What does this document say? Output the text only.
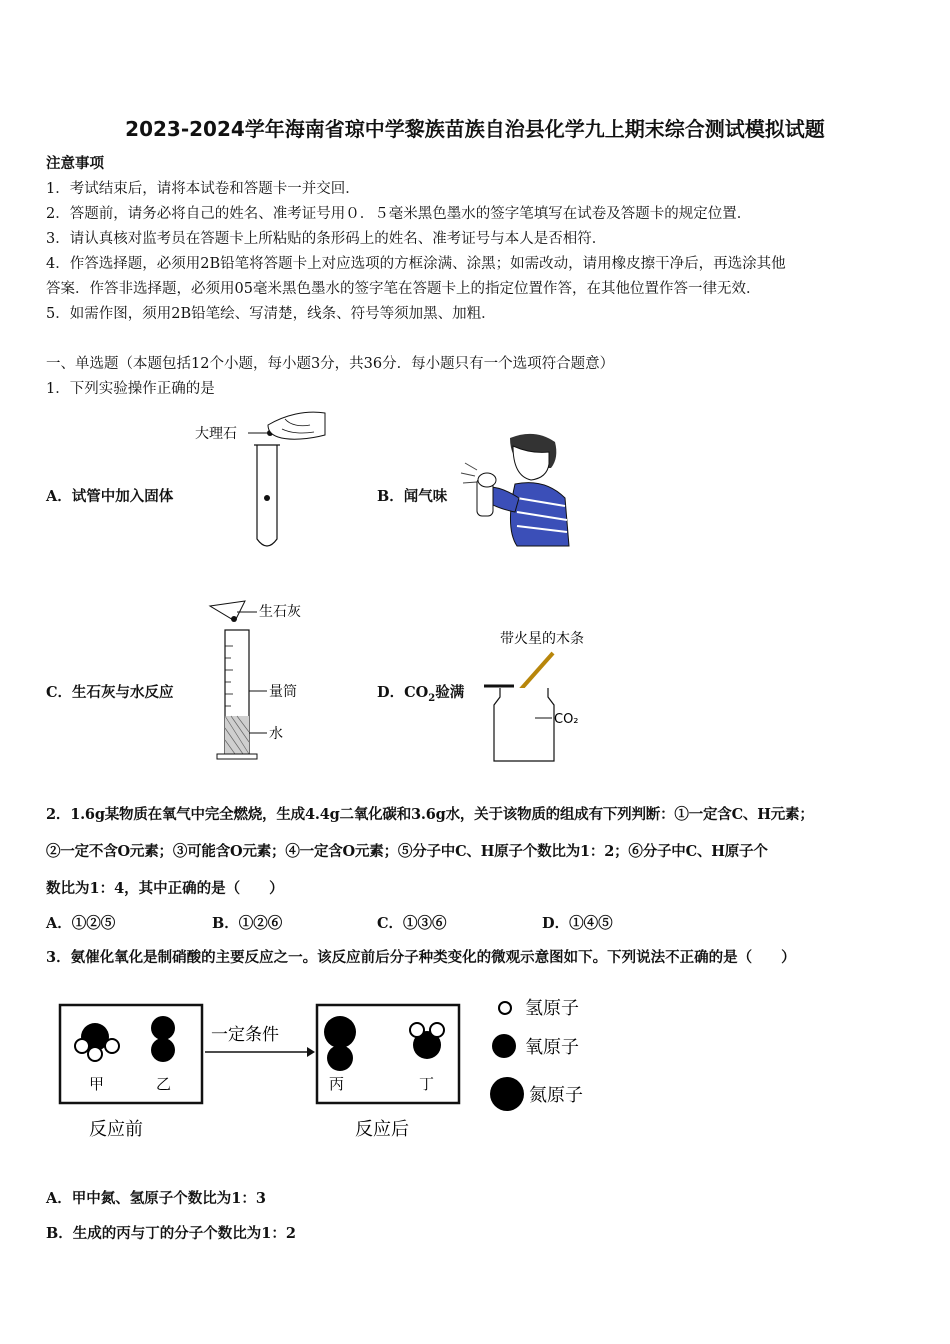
2023-2024学年海南省琼中学黎族苗族自治县化学九上期末综合测试模拟试题
注意事项
1．考试结束后，请将本试卷和答题卡一并交回．
2．答题前，请务必将自己的姓名、准考证号用０．５毫米黑色墨水的签字笔填写在试卷及答题卡的规定位置．
3．请认真核对监考员在答题卡上所粘贴的条形码上的姓名、准考证号与本人是否相符．
4．作答选择题，必须用2B铅笔将答题卡上对应选项的方框涂满、涂黑；如需改动，请用橡皮擦干净后，再选涂其他
答案．作答非选择题，必须用05毫米黑色墨水的签字笔在答题卡上的指定位置作答，在其他位置作答一律无效．
5．如需作图，须用2B铅笔绘、写清楚，线条、符号等须加黑、加粗．
一、单选题（本题包括12个小题，每小题3分，共36分．每小题只有一个选项符合题意）
1．下列实验操作正确的是
A．试管中加入固体	B．闻气味
C．生石灰与水反应	D．$CO_2$验满
大理石
生石灰
量筒
水
带火星的木条
CO₂
2．1.6g某物质在氧气中完全燃烧，生成4.4g二氧化碳和3.6g水，关于该物质的组成有下列判断：①一定含C、H元素；
②一定不含O元素；③可能含O元素；④一定含O元素；⑤分子中C、H原子个数比为1：2；⑥分子中C、H原子个
数比为1：4，其中正确的是（　　）
A．①②⑤	B．①②⑥	C．①③⑥	D．①④⑤
3．氨催化氧化是制硝酸的主要反应之一。该反应前后分子种类变化的微观示意图如下。下列说法不正确的是（　　）
甲	乙
反应前
一定条件
丙	丁
反应后
氢原子
氧原子
氮原子
A．甲中氮、氢原子个数比为1：3
B．生成的丙与丁的分子个数比为1：2
